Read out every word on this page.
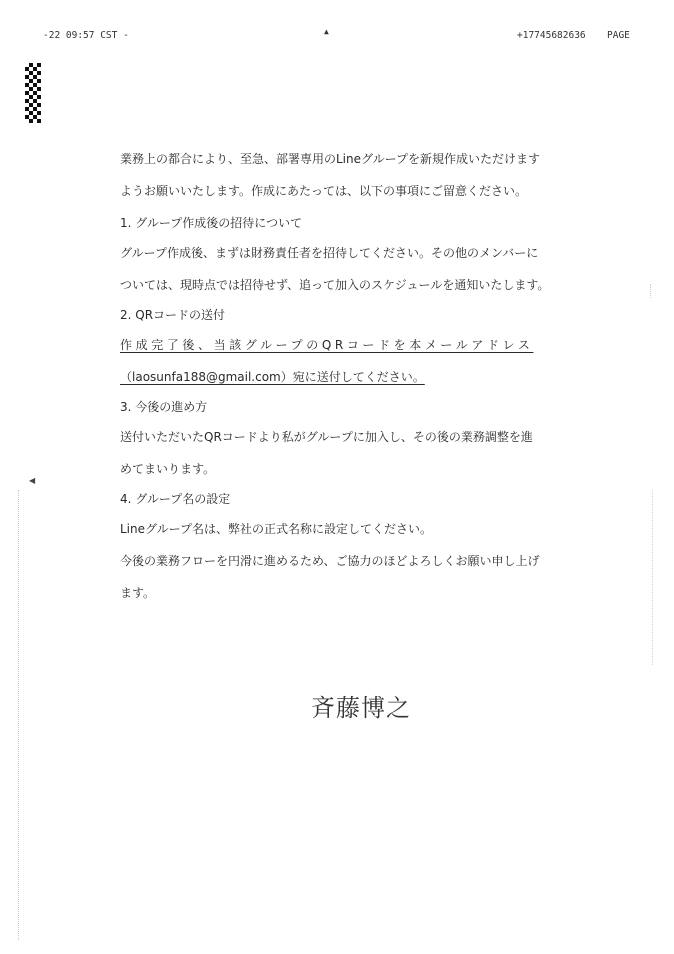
-22 09:57 CST -	▲	+17745682636 PAGE
◀
業務上の都合により、至急、部署専用のLineグループを新規作成いただけます
ようお願いいたします。作成にあたっては、以下の事項にご留意ください。
1. グループ作成後の招待について
グループ作成後、まずは財務責任者を招待してください。その他のメンバーに
ついては、現時点では招待せず、追って加入のスケジュールを通知いたします。
2. QRコードの送付
作成完了後、当該グループのQRコードを本メールアドレス
（laosunfa188@gmail.com）宛に送付してください。
3. 今後の進め方
送付いただいたQRコードより私がグループに加入し、その後の業務調整を進
めてまいります。
4. グループ名の設定
Lineグループ名は、弊社の正式名称に設定してください。
今後の業務フローを円滑に進めるため、ご協力のほどよろしくお願い申し上げ
ます。
斉藤博之
